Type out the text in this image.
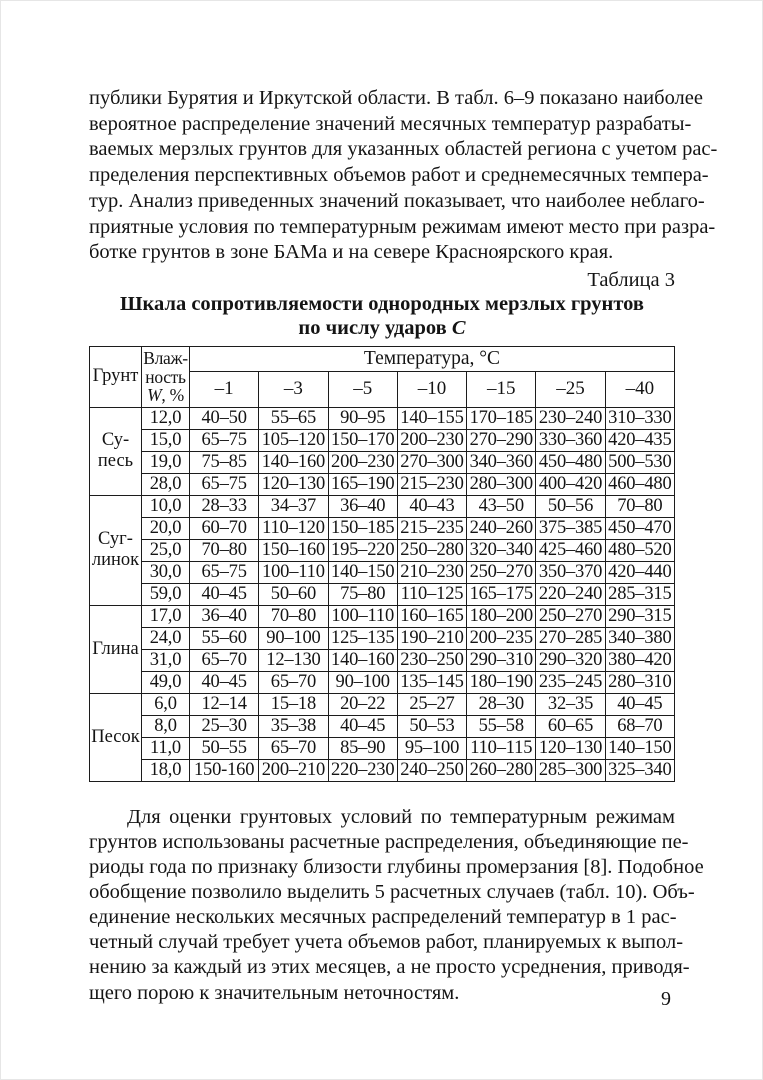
публики Бурятия и Иркутской области. В табл. 6–9 показано наиболее
вероятное распределение значений месячных температур разрабаты-
ваемых мерзлых грунтов для указанных областей региона с учетом рас-
пределения перспективных объемов работ и среднемесячных темпера-
тур. Анализ приведенных значений показывает, что наиболее неблаго-
приятные условия по температурным режимам имеют место при разра-
ботке грунтов в зоне БАМа и на севере Красноярского края.
Таблица 3
Шкала сопротивляемости однородных мерзлых грунтов
по числу ударов С
Грунт	Влаж-
ность
W, %	Температура, °С						
		–1	–3	–5	–10	–15	–25	–40

Су-
песь	12,0	40–50	55–65	90–95	140–155	170–185	230–240	310–330
	15,0	65–75	105–120	150–170	200–230	270–290	330–360	420–435
	19,0	75–85	140–160	200–230	270–300	340–360	450–480	500–530
	28,0	65–75	120–130	165–190	215–230	280–300	400–420	460–480

Суг-
линок	10,0	28–33	34–37	36–40	40–43	43–50	50–56	70–80
	20,0	60–70	110–120	150–185	215–235	240–260	375–385	450–470
	25,0	70–80	150–160	195–220	250–280	320–340	425–460	480–520
	30,0	65–75	100–110	140–150	210–230	250–270	350–370	420–440
	59,0	40–45	50–60	75–80	110–125	165–175	220–240	285–315

Глина	17,0	36–40	70–80	100–110	160–165	180–200	250–270	290–315
	24,0	55–60	90–100	125–135	190–210	200–235	270–285	340–380
	31,0	65–70	12–130	140–160	230–250	290–310	290–320	380–420
	49,0	40–45	65–70	90–100	135–145	180–190	235–245	280–310

Песок	6,0	12–14	15–18	20–22	25–27	28–30	32–35	40–45
	8,0	25–30	35–38	40–45	50–53	55–58	60–65	68–70
	11,0	50–55	65–70	85–90	95–100	110–115	120–130	140–150
	18,0	150-160	200–210	220–230	240–250	260–280	285–300	325–340
Для оценки грунтовых условий по температурным режимам
грунтов использованы расчетные распределения, объединяющие пе-
риоды года по признаку близости глубины промерзания [8]. Подобное
обобщение позволило выделить 5 расчетных случаев (табл. 10). Объ-
единение нескольких месячных распределений температур в 1 рас-
четный случай требует учета объемов работ, планируемых к выпол-
нению за каждый из этих месяцев, а не просто усреднения, приводя-
щего порою к значительным неточностям.	9
